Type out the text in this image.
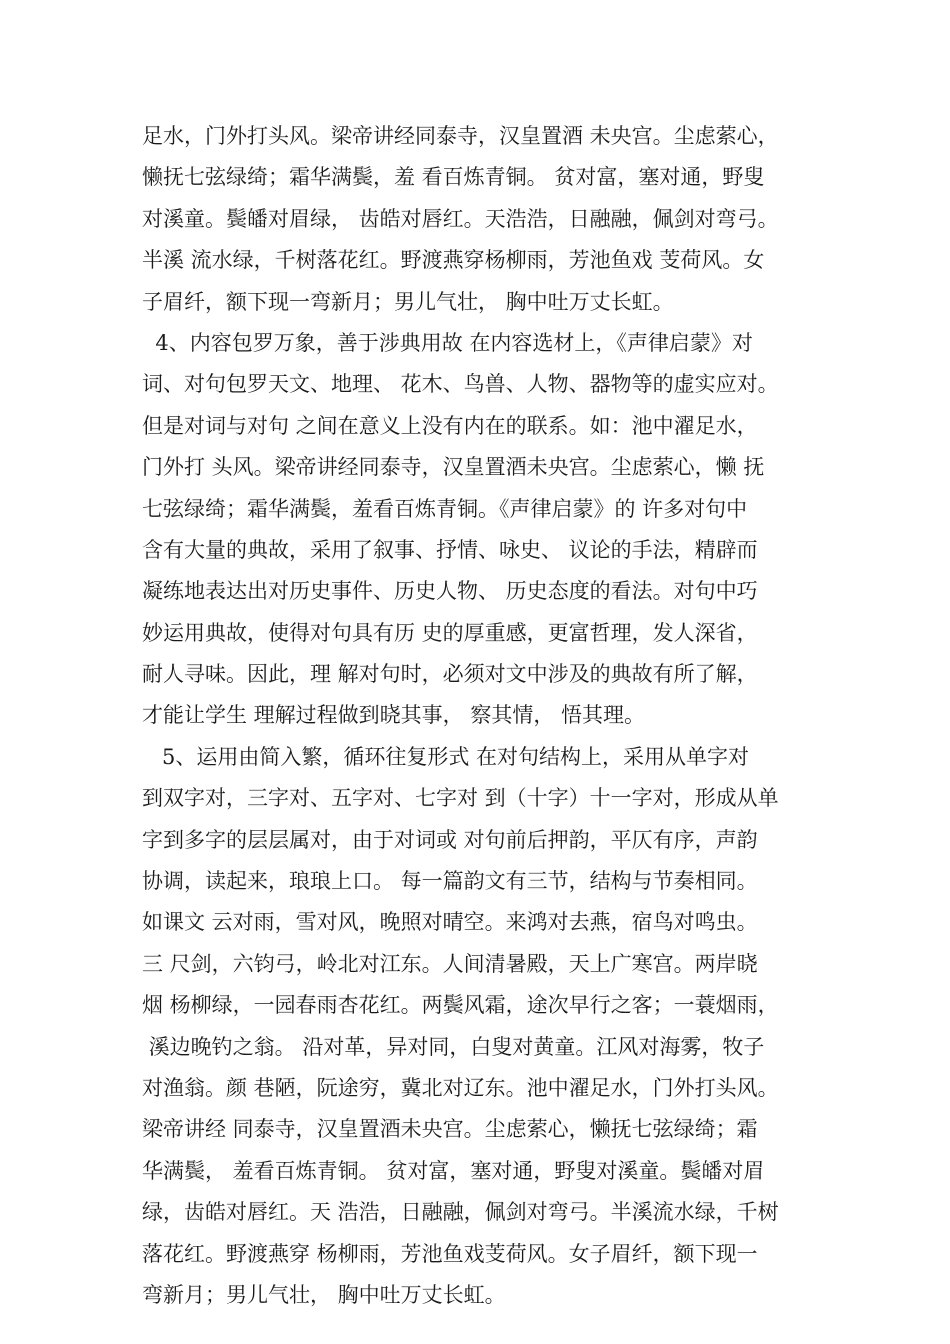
足水，门外打头风。梁帝讲经同泰寺，汉皇置酒 未央宫。尘虑萦心，
懒抚七弦绿绮；霜华满鬓，羞 看百炼青铜。 贫对富，塞对通，野叟
对溪童。鬓皤对眉绿， 齿皓对唇红。天浩浩，日融融，佩剑对弯弓。
半溪 流水绿，千树落花红。野渡燕穿杨柳雨，芳池鱼戏 芰荷风。女
子眉纤，额下现一弯新月；男儿气壮， 胸中吐万丈长虹。
4、内容包罗万象，善于涉典用故 在内容选材上，《声律启蒙》对
词、对句包罗天文、地理、 花木、鸟兽、人物、器物等的虚实应对。
但是对词与对句 之间在意义上没有内在的联系。如：池中濯足水，
门外打 头风。梁帝讲经同泰寺，汉皇置酒未央宫。尘虑萦心，懒 抚
七弦绿绮；霜华满鬓，羞看百炼青铜。《声律启蒙》的 许多对句中
含有大量的典故，采用了叙事、抒情、咏史、 议论的手法，精辟而
凝练地表达出对历史事件、历史人物、 历史态度的看法。对句中巧
妙运用典故，使得对句具有历 史的厚重感，更富哲理，发人深省，
耐人寻味。因此，理 解对句时，必须对文中涉及的典故有所了解，
才能让学生 理解过程做到晓其事， 察其情， 悟其理。
5、运用由简入繁，循环往复形式 在对句结构上，采用从单字对
到双字对，三字对、五字对、七字对 到（十字）十一字对，形成从单
字到多字的层层属对，由于对词或 对句前后押韵，平仄有序，声韵
协调，读起来，琅琅上口。 每一篇韵文有三节，结构与节奏相同。
如课文 云对雨，雪对风，晚照对晴空。来鸿对去燕，宿鸟对鸣虫。
三 尺剑，六钧弓，岭北对江东。人间清暑殿，天上广寒宫。两岸晓
烟 杨柳绿，一园春雨杏花红。两鬓风霜，途次早行之客；一蓑烟雨，
溪边晚钓之翁。 沿对革，异对同，白叟对黄童。江风对海雾，牧子
对渔翁。颜 巷陋，阮途穷，冀北对辽东。池中濯足水，门外打头风。
梁帝讲经 同泰寺，汉皇置酒未央宫。尘虑萦心，懒抚七弦绿绮；霜
华满鬓， 羞看百炼青铜。 贫对富，塞对通，野叟对溪童。鬓皤对眉
绿，齿皓对唇红。天 浩浩，日融融，佩剑对弯弓。半溪流水绿，千树
落花红。野渡燕穿 杨柳雨，芳池鱼戏芰荷风。女子眉纤，额下现一
弯新月；男儿气壮， 胸中吐万丈长虹。
